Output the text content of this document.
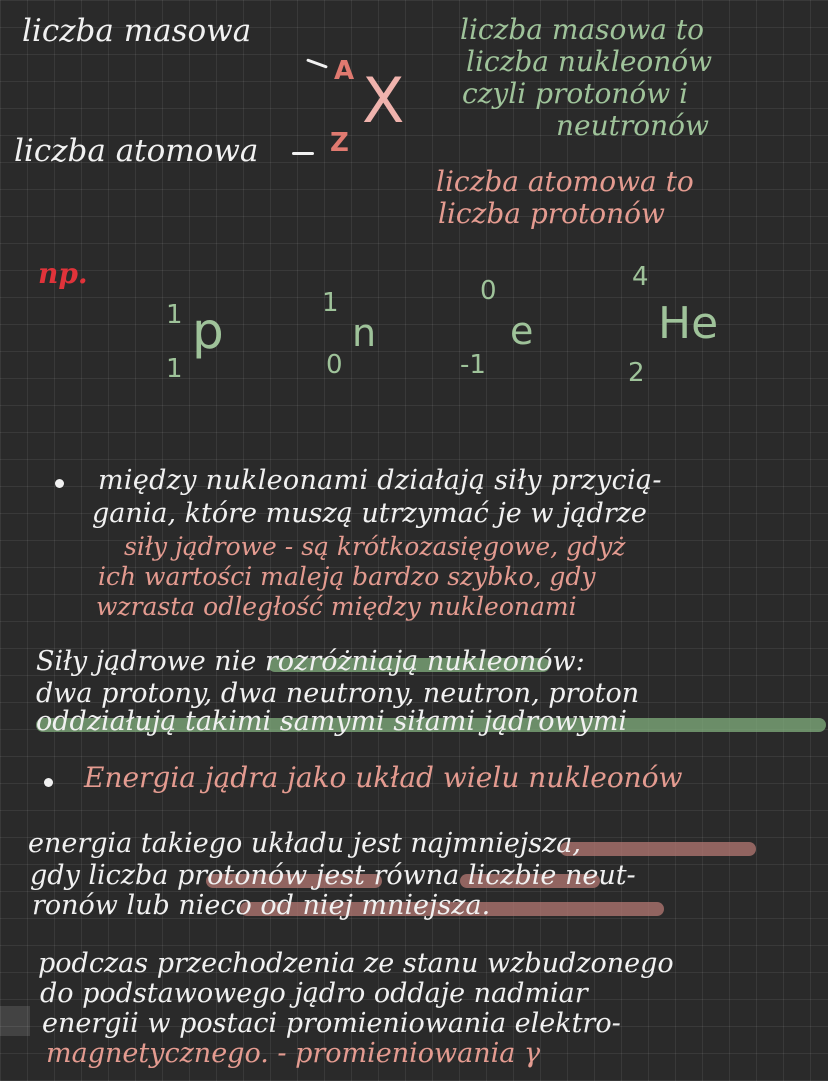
liczba masowa
A X
liczba atomowa	Z
liczba masowa to
liczba nukleonów
czyli protonów i
neutronów
liczba atomowa to
liczba protonów
np.
1
1
p	1
0
n
0
-1
e
4
2
He
między nukleonami działają siły przycią-
gania, które muszą utrzymać je w jądrze
siły jądrowe - są krótkozasięgowe, gdyż
ich wartości maleją bardzo szybko, gdy
wzrasta odległość między nukleonami
Siły jądrowe nie rozróżniają nukleonów:
dwa protony, dwa neutrony, neutron, proton
oddziałują takimi samymi siłami jądrowymi
Energia jądra jako układ wielu nukleonów
energia takiego układu jest najmniejsza,
gdy liczba protonów jest równa liczbie neut-
ronów lub nieco od niej mniejsza.
podczas przechodzenia ze stanu wzbudzonego
do podstawowego jądro oddaje nadmiar
energii w postaci promieniowania elektro-
magnetycznego. - promieniowania γ
